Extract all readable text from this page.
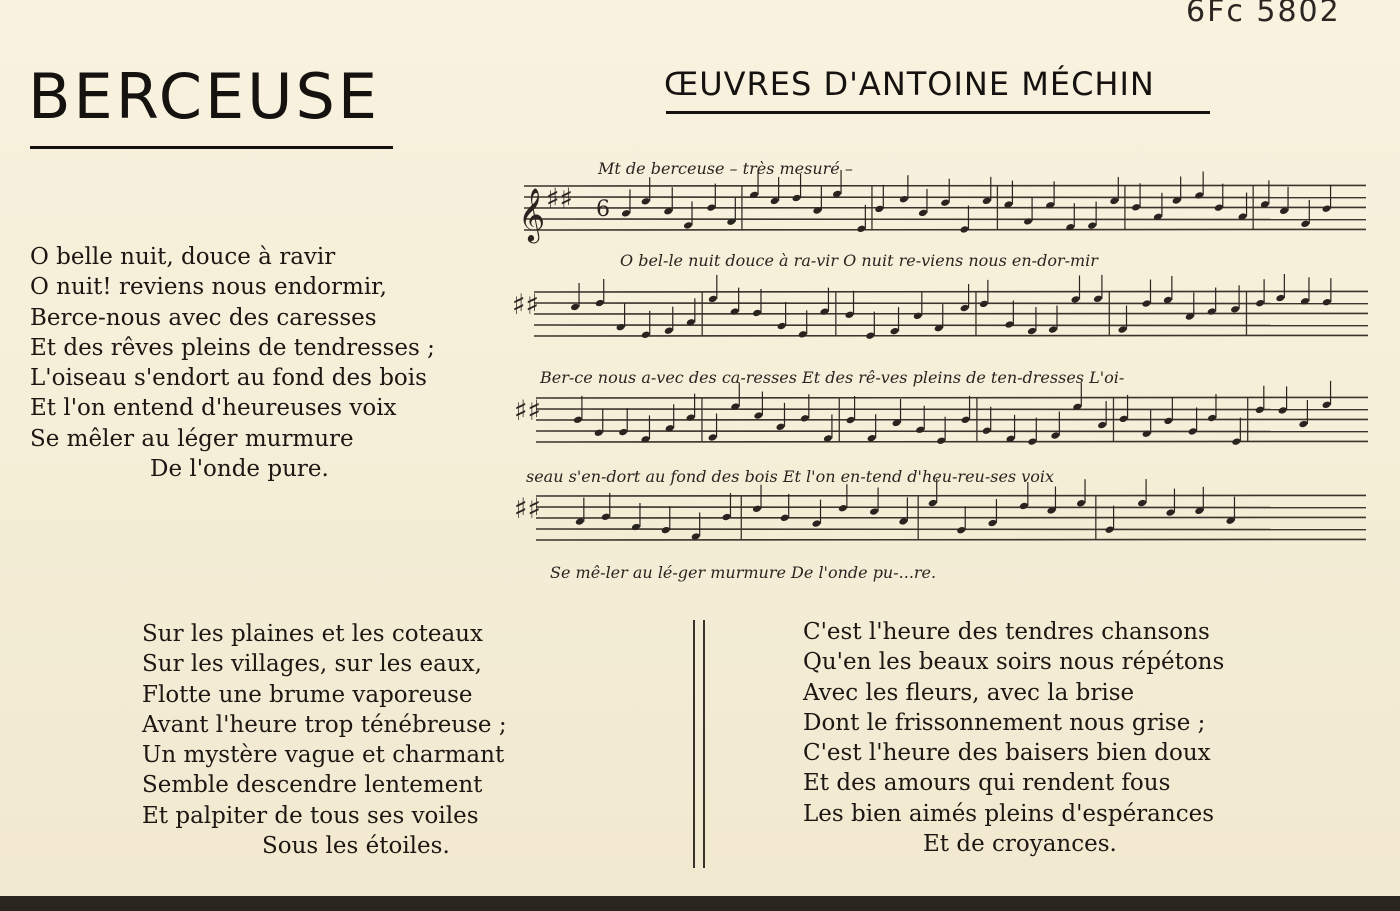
6Fc 5802
BERCEUSE	ŒUVRES D'ANTOINE MÉCHIN
O belle nuit, douce à ravir
O nuit! reviens nous endormir,
Berce-nous avec des caresses
Et des rêves pleins de tendresses ;
L'oiseau s'endort au fond des bois
Et l'on entend d'heureuses voix
Se mêler au léger murmure
De l'onde pure.
Mt de berceuse – très mesuré –
♯♯
𝄞 6
♯♯
♯♯
♯♯
O bel-le nuit douce à ra-vir O nuit re-viens nous en-dor-mir
Ber-ce nous a-vec des ca-resses Et des rê-ves pleins de ten-dresses L'oi-
seau s'en-dort au fond des bois Et l'on en-tend d'heu-reu-ses voix
Se mê-ler au lé-ger murmure De l'onde pu-...re.
Sur les plaines et les coteaux
Sur les villages, sur les eaux,
Flotte une brume vaporeuse
Avant l'heure trop ténébreuse ;
Un mystère vague et charmant
Semble descendre lentement
Et palpiter de tous ses voiles
Sous les étoiles.
C'est l'heure des tendres chansons
Qu'en les beaux soirs nous répétons
Avec les fleurs, avec la brise
Dont le frissonnement nous grise ;
C'est l'heure des baisers bien doux
Et des amours qui rendent fous
Les bien aimés pleins d'espérances
Et de croyances.
